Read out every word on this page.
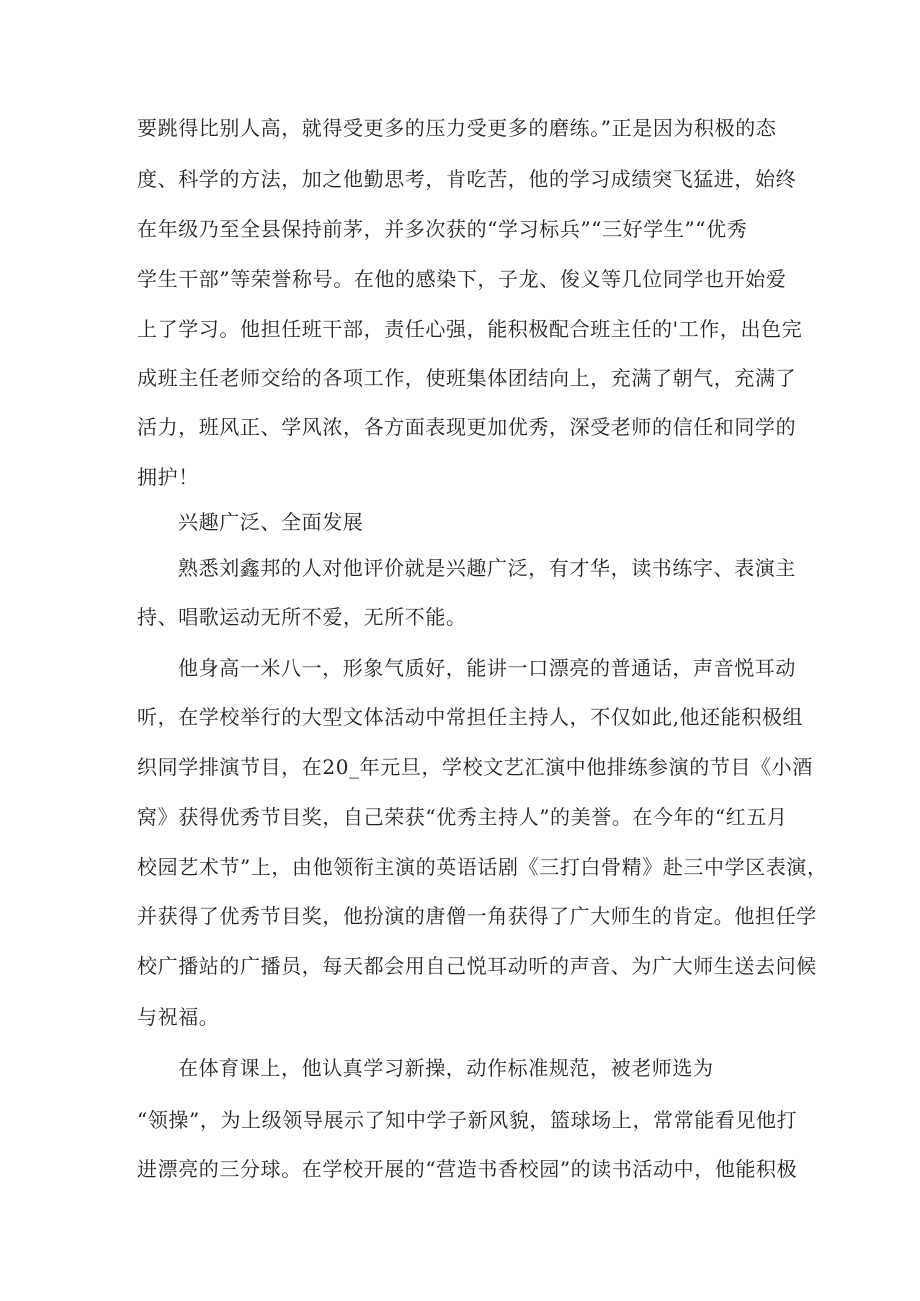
要跳得比别人高，就得受更多的压力受更多的磨练。”正是因为积极的态
度、科学的方法，加之他勤思考，肯吃苦，他的学习成绩突飞猛进，始终
在年级乃至全县保持前茅，并多次获的“学习标兵”“三好学生”“优秀
学生干部”等荣誉称号。在他的感染下，子龙、俊义等几位同学也开始爱
上了学习。他担任班干部，责任心强，能积极配合班主任的'工作，出色完
成班主任老师交给的各项工作，使班集体团结向上，充满了朝气，充满了
活力，班风正、学风浓，各方面表现更加优秀，深受老师的信任和同学的
拥护！
兴趣广泛、全面发展
熟悉刘鑫邦的人对他评价就是兴趣广泛，有才华，读书练字、表演主
持、唱歌运动无所不爱，无所不能。
他身高一米八一，形象气质好，能讲一口漂亮的普通话，声音悦耳动
听，在学校举行的大型文体活动中常担任主持人，不仅如此,他还能积极组
织同学排演节目，在20_年元旦，学校文艺汇演中他排练参演的节目《小酒
窝》获得优秀节目奖，自己荣获“优秀主持人”的美誉。在今年的“红五月
校园艺术节”上，由他领衔主演的英语话剧《三打白骨精》赴三中学区表演，
并获得了优秀节目奖，他扮演的唐僧一角获得了广大师生的肯定。他担任学
校广播站的广播员，每天都会用自己悦耳动听的声音、为广大师生送去问候
与祝福。
在体育课上，他认真学习新操，动作标准规范，被老师选为
“领操”，为上级领导展示了知中学子新风貌，篮球场上，常常能看见他打
进漂亮的三分球。在学校开展的“营造书香校园”的读书活动中，他能积极
